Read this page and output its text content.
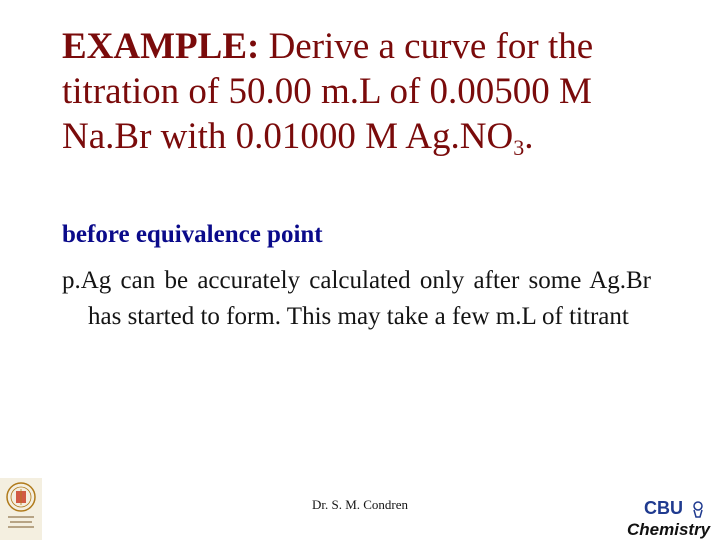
EXAMPLE: Derive a curve for the titration of 50.00 m.L of 0.00500 M Na.Br with 0.01000 M $Ag.NO_3$.
before equivalence point
p.Ag can be accurately calculated only after some Ag.Br has started to form. This may take a few m.L of titrant
Dr. S. M. Condren	CBU
Chemistry
